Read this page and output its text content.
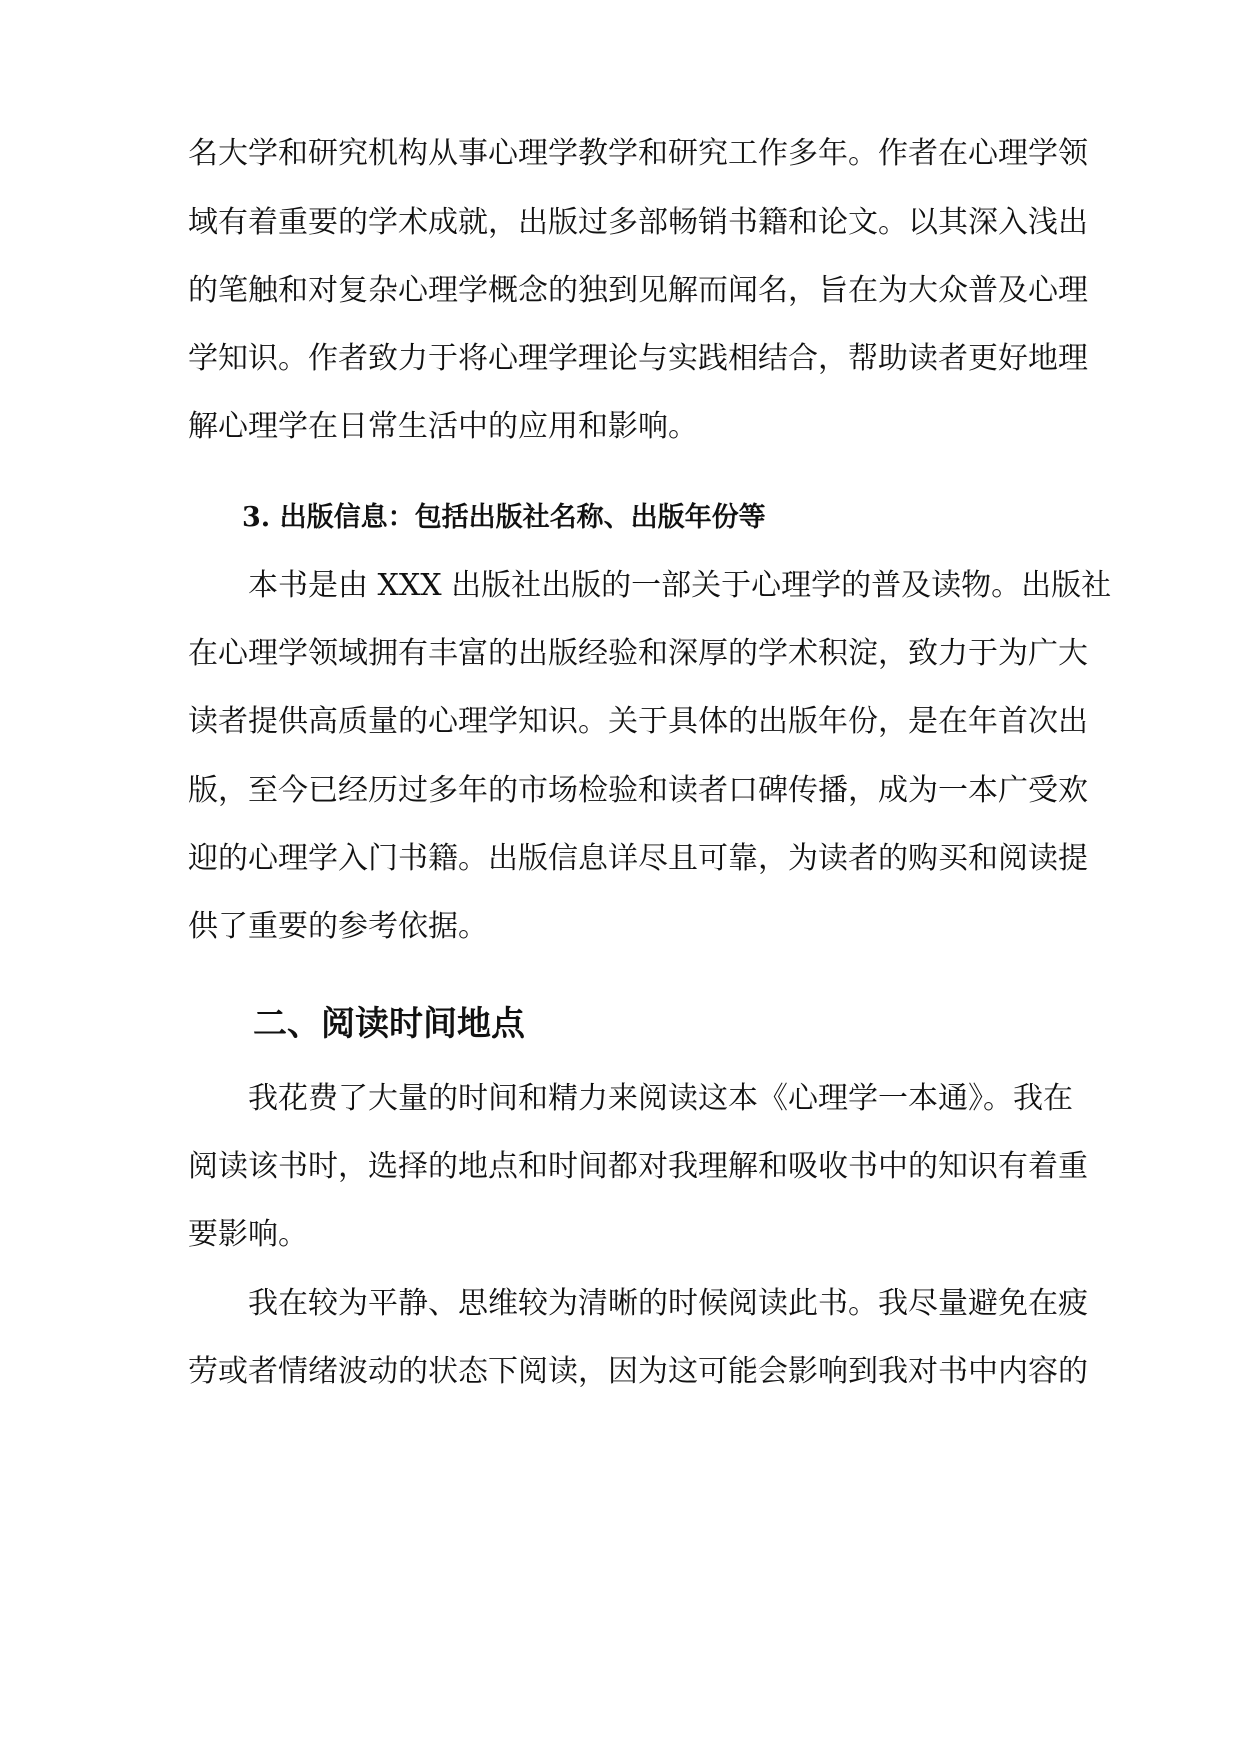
名大学和研究机构从事心理学教学和研究工作多年。作者在心理学领
域有着重要的学术成就，出版过多部畅销书籍和论文。以其深入浅出
的笔触和对复杂心理学概念的独到见解而闻名，旨在为大众普及心理
学知识。作者致力于将心理学理论与实践相结合，帮助读者更好地理
解心理学在日常生活中的应用和影响。
3. 出版信息：包括出版社名称、出版年份等
本书是由 XXX 出版社出版的一部关于心理学的普及读物。出版社
在心理学领域拥有丰富的出版经验和深厚的学术积淀，致力于为广大
读者提供高质量的心理学知识。关于具体的出版年份，是在年首次出
版，至今已经历过多年的市场检验和读者口碑传播，成为一本广受欢
迎的心理学入门书籍。出版信息详尽且可靠，为读者的购买和阅读提
供了重要的参考依据。
二、阅读时间地点
我花费了大量的时间和精力来阅读这本《心理学一本通》。我在
阅读该书时，选择的地点和时间都对我理解和吸收书中的知识有着重
要影响。
我在较为平静、思维较为清晰的时候阅读此书。我尽量避免在疲
劳或者情绪波动的状态下阅读，因为这可能会影响到我对书中内容的
